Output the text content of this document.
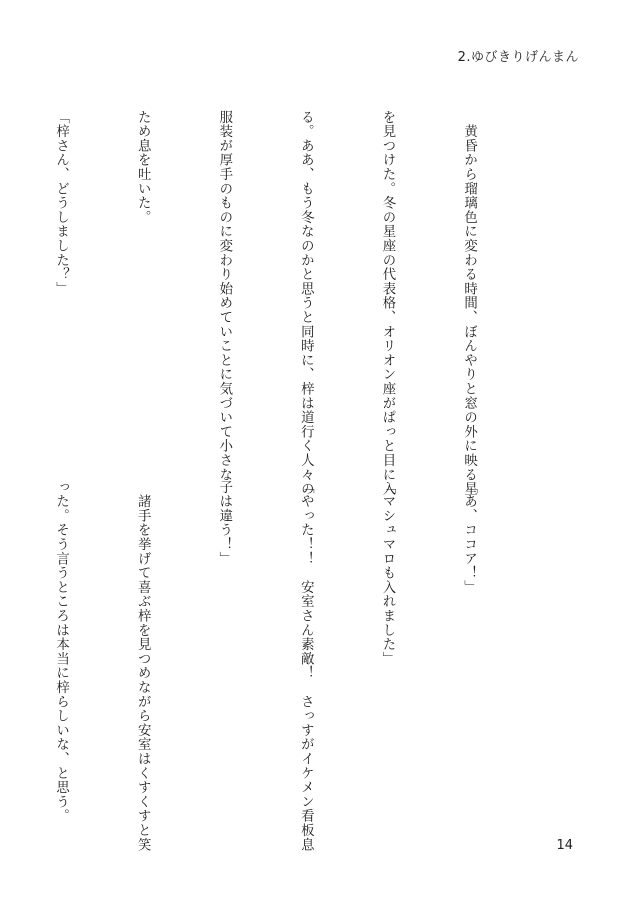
2.ゆびきりげんまん

　黄昏から瑠璃色に変わる時間、ぼんやりと窓の外に映る星

を見つけた。冬の星座の代表格、オリオン座がぱっと目に入

る。ああ、もう冬なのかと思うと同時に、梓は道行く人々の

服装が厚手のものに変わり始めていことに気づいて小さな

ため息を吐いた。

「梓さん、どうしました？」

「あ、ココア！」

「マシュマロも入れました」

「やった！！　安室さん素敵！　さっすがイケメン看板息

子は違う！」

　諸手を挙げて喜ぶ梓を見つめながら安室はくすくすと笑

った。そう言うところは本当に梓らしいな、と思う。

14
